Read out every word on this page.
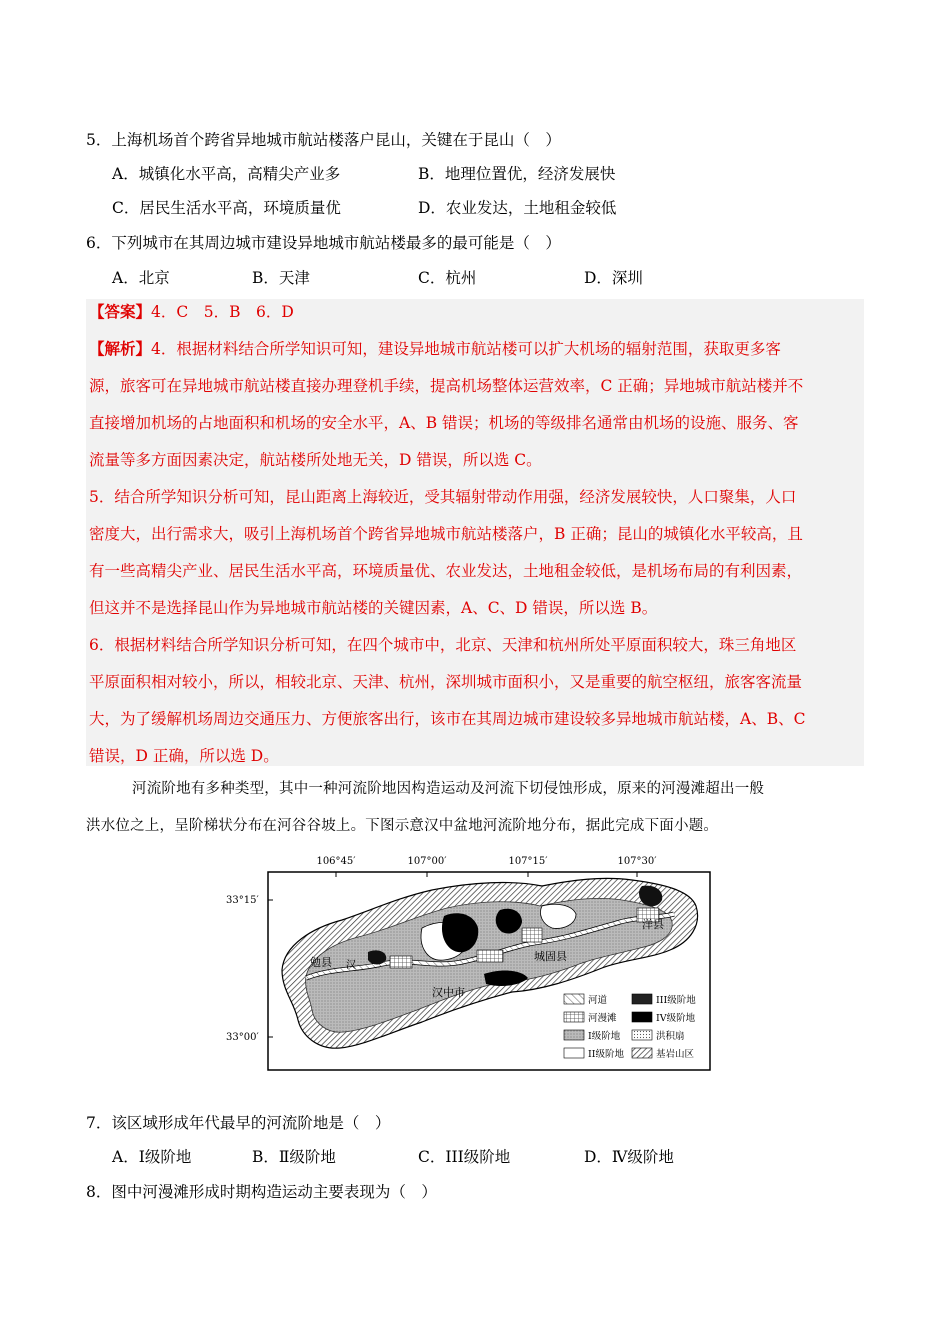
5．上海机场首个跨省异地城市航站楼落户昆山，关键在于昆山（　）
A．城镇化水平高，高精尖产业多	B．地理位置优，经济发展快
C．居民生活水平高，环境质量优	D．农业发达，土地租金较低
6．下列城市在其周边城市建设异地城市航站楼最多的最可能是（　）
A．北京	B．天津	C．杭州	D．深圳
【答案】4．C　5．B　6．D
【解析】4．根据材料结合所学知识可知，建设异地城市航站楼可以扩大机场的辐射范围，获取更多客
源，旅客可在异地城市航站楼直接办理登机手续，提高机场整体运营效率，C 正确；异地城市航站楼并不
直接增加机场的占地面积和机场的安全水平，A、B 错误；机场的等级排名通常由机场的设施、服务、客
流量等多方面因素决定，航站楼所处地无关，D 错误，所以选 C。
5．结合所学知识分析可知，昆山距离上海较近，受其辐射带动作用强，经济发展较快，人口聚集，人口
密度大，出行需求大，吸引上海机场首个跨省异地城市航站楼落户，B 正确；昆山的城镇化水平较高，且
有一些高精尖产业、居民生活水平高，环境质量优、农业发达，土地租金较低，是机场布局的有利因素，
但这并不是选择昆山作为异地城市航站楼的关键因素，A、C、D 错误，所以选 B。
6．根据材料结合所学知识分析可知，在四个城市中，北京、天津和杭州所处平原面积较大，珠三角地区
平原面积相对较小，所以，相较北京、天津、杭州，深圳城市面积小，又是重要的航空枢纽，旅客客流量
大，为了缓解机场周边交通压力、方便旅客出行，该市在其周边城市建设较多异地城市航站楼，A、B、C
错误，D 正确，所以选 D。
河流阶地有多种类型，其中一种河流阶地因构造运动及河流下切侵蚀形成，原来的河漫滩超出一般
洪水位之上，呈阶梯状分布在河谷谷坡上。下图示意汉中盆地河流阶地分布，据此完成下面小题。
106°45′	107°00′	107°15′	107°30′
33°15′
33°00′
勉县
汉中市
城固县
洋县
汉
河道	III级阶地
河漫滩	IV级阶地
I级阶地	洪积扇
II级阶地	基岩山区
7．该区域形成年代最早的河流阶地是（　）
A．Ⅰ级阶地	B．Ⅱ级阶地	C．III级阶地	D．Ⅳ级阶地
8．图中河漫滩形成时期构造运动主要表现为（　）
